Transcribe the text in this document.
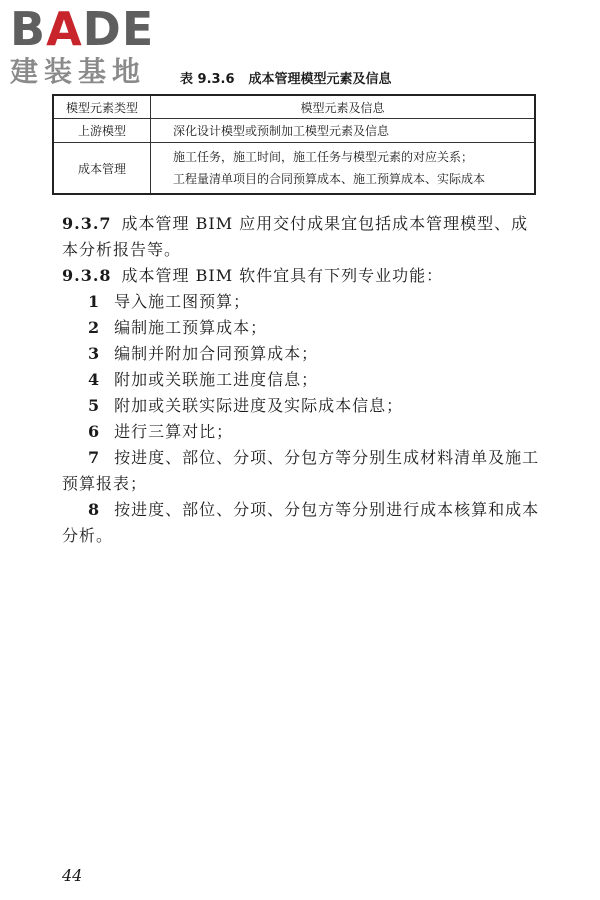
BADE
建装基地	表 9.3.6 成本管理模型元素及信息
模型元素类型	模型元素及信息
上游模型	深化设计模型或预制加工模型元素及信息

成本管理	施工任务，施工时间，施工任务与模型元素的对应关系；
工程量清单项目的合同预算成本、施工预算成本、实际成本
9.3.7 成本管理 BIM 应用交付成果宜包括成本管理模型、成本分析报告等。
9.3.8 成本管理 BIM 软件宜具有下列专业功能：
1 导入施工图预算；
2 编制施工预算成本；
3 编制并附加合同预算成本；
4 附加或关联施工进度信息；
5 附加或关联实际进度及实际成本信息；
6 进行三算对比；
7 按进度、部位、分项、分包方等分别生成材料清单及施工预算报表；
8 按进度、部位、分项、分包方等分别进行成本核算和成本分析。
44
